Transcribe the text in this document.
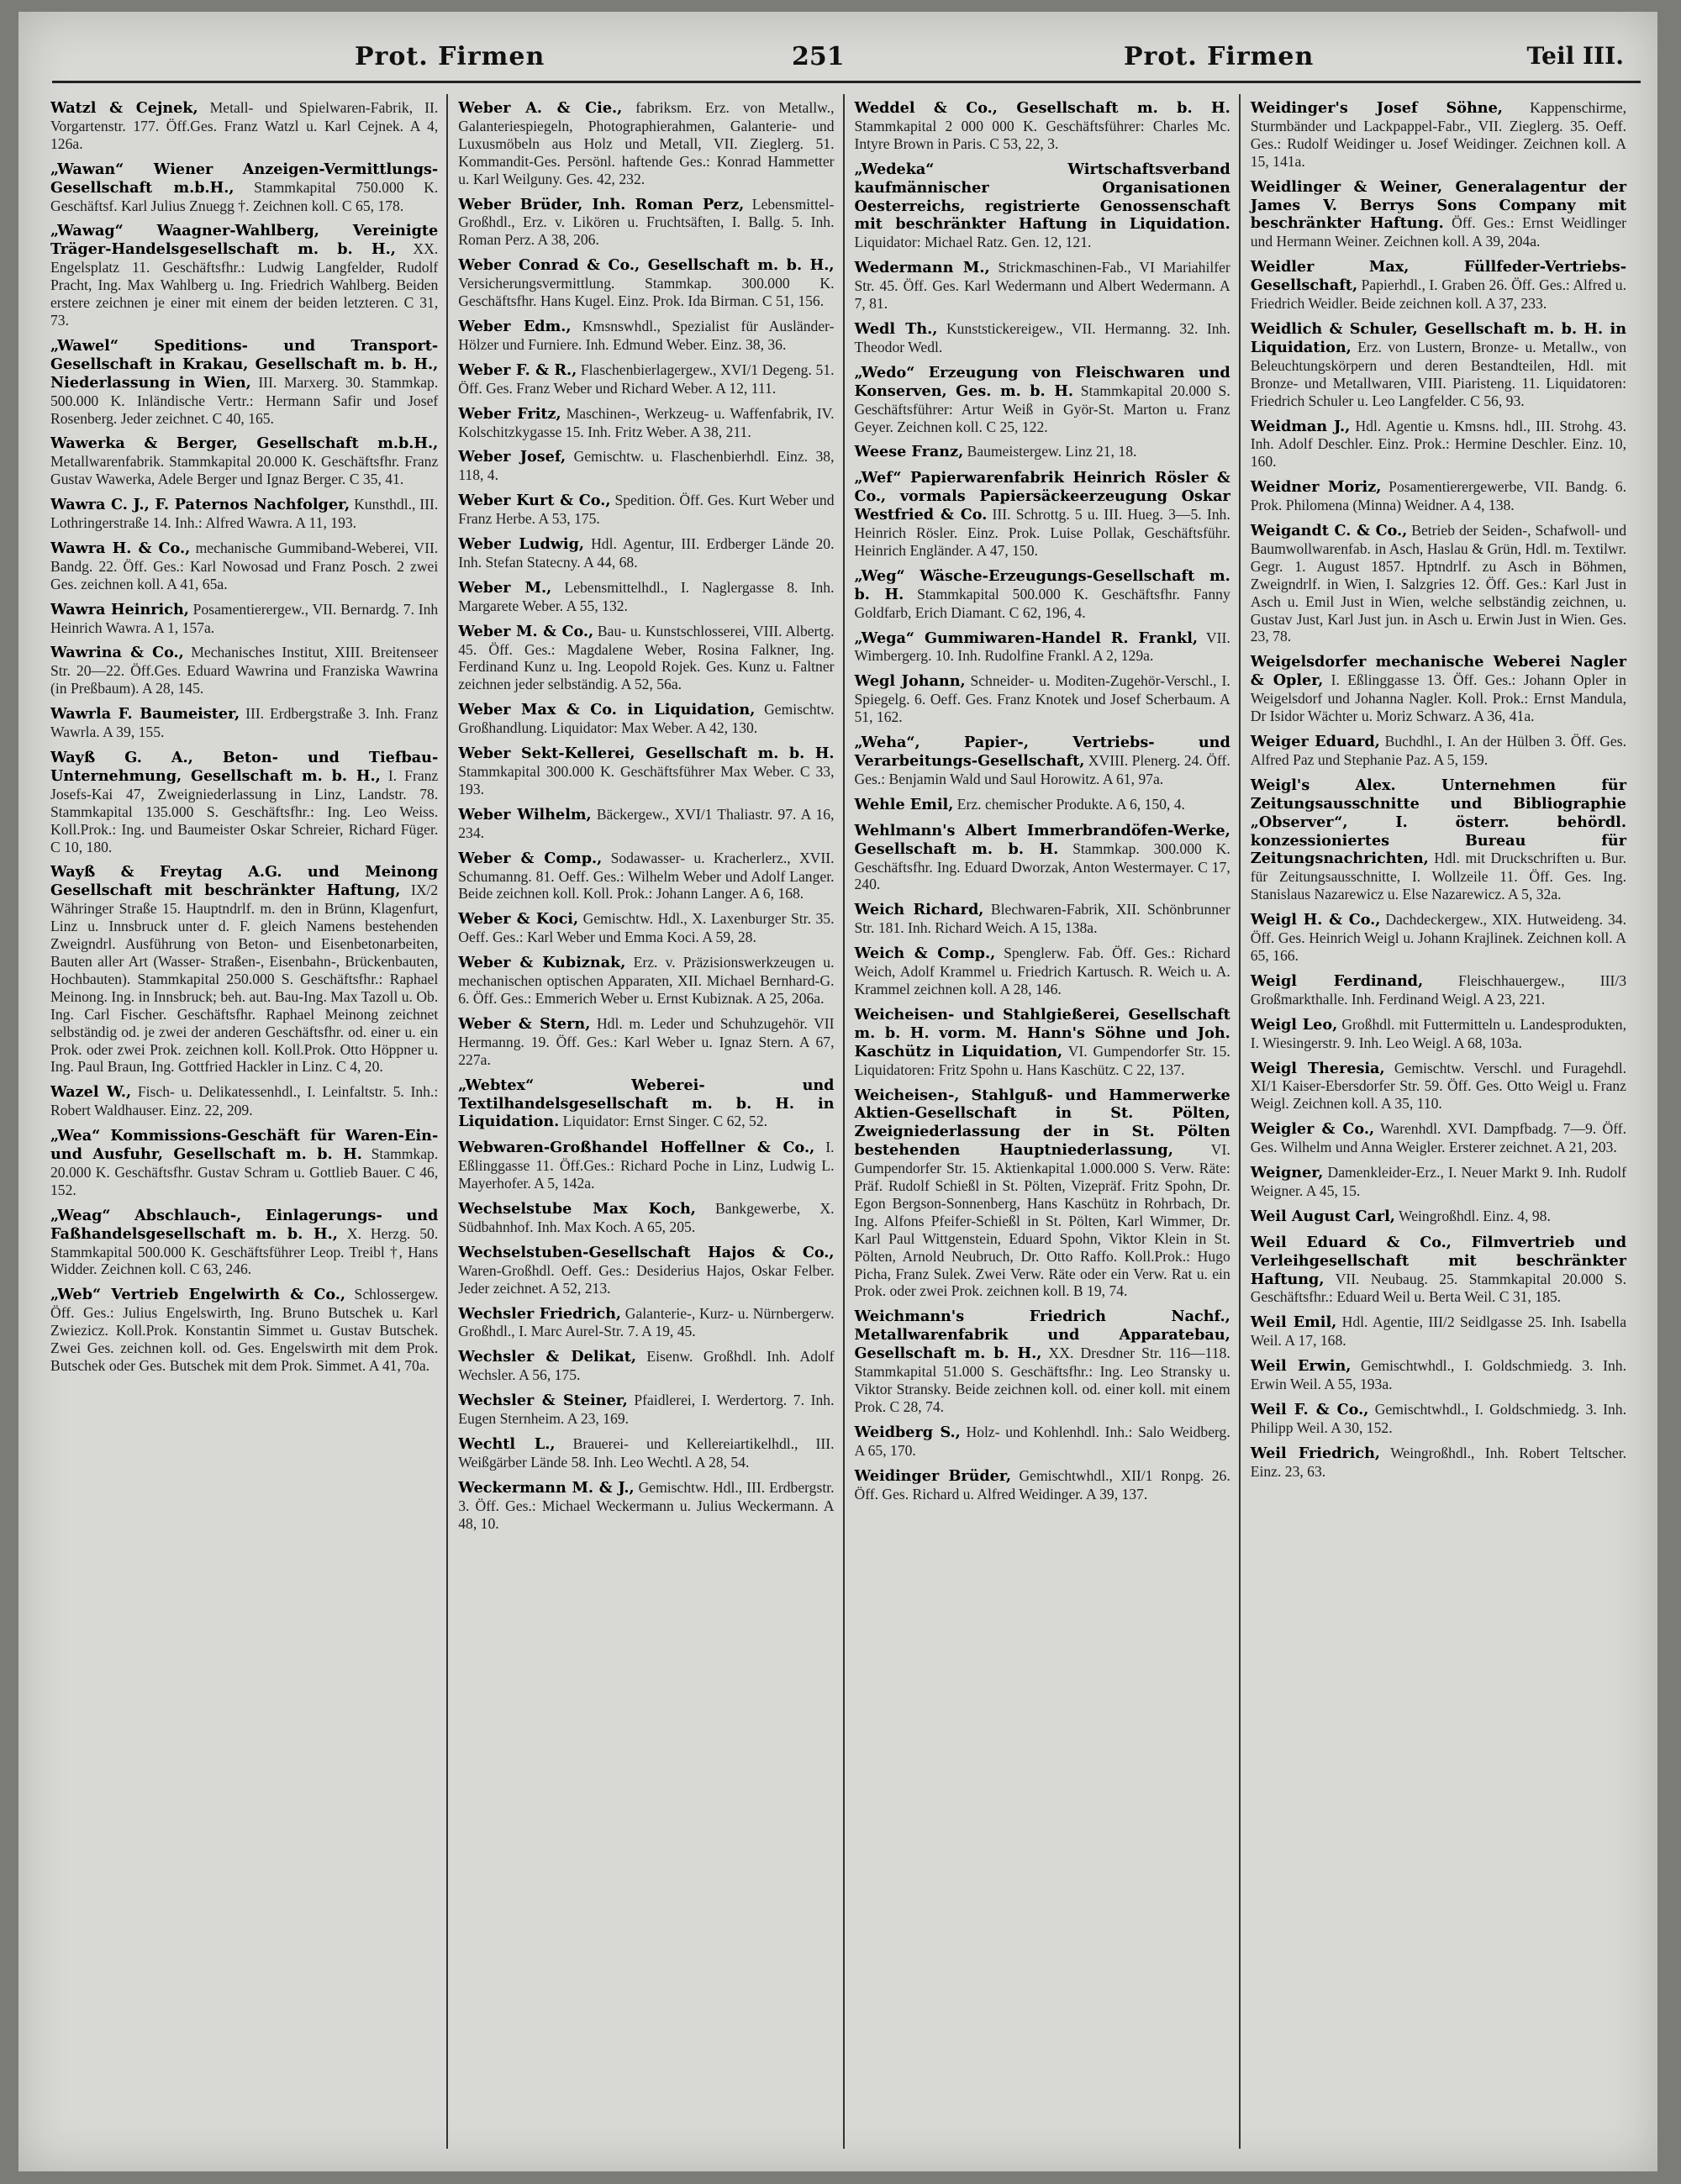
Prot. Firmen	251	Prot. Firmen	Teil III.

Watzl & Cejnek, Metall- und Spielwaren-Fabrik, II. Vorgartenstr. 177. Öff.Ges. Franz Watzl u. Karl Cejnek. A 4, 126a.

„Wawan“ Wiener Anzeigen-Vermittlungs-Gesellschaft m.b.H., Stammkapital 750.000 K. Geschäftsf. Karl Julius Znuegg †. Zeichnen koll. C 65, 178.

„Wawag“ Waagner-Wahlberg, Vereinigte Träger-Handelsgesellschaft m. b. H., XX. Engelsplatz 11. Geschäftsfhr.: Ludwig Langfelder, Rudolf Pracht, Ing. Max Wahlberg u. Ing. Friedrich Wahlberg. Beiden erstere zeichnen je einer mit einem der beiden letzteren. C 31, 73.

„Wawel“ Speditions- und Transport-Gesellschaft in Krakau, Gesellschaft m. b. H., Niederlassung in Wien, III. Marxerg. 30. Stammkap. 500.000 K. Inländische Vertr.: Hermann Safir und Josef Rosenberg. Jeder zeichnet. C 40, 165.

Wawerka & Berger, Gesellschaft m.b.H., Metallwarenfabrik. Stammkapital 20.000 K. Geschäftsfhr. Franz Gustav Wawerka, Adele Berger und Ignaz Berger. C 35, 41.

Wawra C. J., F. Paternos Nachfolger, Kunsthdl., III. Lothringerstraße 14. Inh.: Alfred Wawra. A 11, 193.

Wawra H. & Co., mechanische Gummiband-Weberei, VII. Bandg. 22. Öff. Ges.: Karl Nowosad und Franz Posch. 2 zwei Ges. zeichnen koll. A 41, 65a.

Wawra Heinrich, Posamentierergew., VII. Bernardg. 7. Inh Heinrich Wawra. A 1, 157a.

Wawrina & Co., Mechanisches Institut, XIII. Breitenseer Str. 20—22. Öff.Ges. Eduard Wawrina und Franziska Wawrina (in Preßbaum). A 28, 145.

Wawrla F. Baumeister, III. Erdbergstraße 3. Inh. Franz Wawrla. A 39, 155.

Wayß G. A., Beton- und Tiefbau-Unternehmung, Gesellschaft m. b. H., I. Franz Josefs-Kai 47, Zweigniederlassung in Linz, Landstr. 78. Stammkapital 135.000 S. Geschäftsfhr.: Ing. Leo Weiss. Koll.Prok.: Ing. und Baumeister Oskar Schreier, Richard Füger. C 10, 180.

Wayß & Freytag A.G. und Meinong Gesellschaft mit beschränkter Haftung, IX/2 Währinger Straße 15. Hauptndrlf. m. den in Brünn, Klagenfurt, Linz u. Innsbruck unter d. F. gleich Namens bestehenden Zweigndrl. Ausführung von Beton- und Eisenbetonarbeiten, Bauten aller Art (Wasser- Straßen-, Eisenbahn-, Brückenbauten, Hochbauten). Stammkapital 250.000 S. Geschäftsfhr.: Raphael Meinong. Ing. in Innsbruck; beh. aut. Bau-Ing. Max Tazoll u. Ob. Ing. Carl Fischer. Geschäftsfhr. Raphael Meinong zeichnet selbständig od. je zwei der anderen Geschäftsfhr. od. einer u. ein Prok. oder zwei Prok. zeichnen koll. Koll.Prok. Otto Höppner u. Ing. Paul Braun, Ing. Gottfried Hackler in Linz. C 4, 20.

Wazel W., Fisch- u. Delikatessenhdl., I. Leinfaltstr. 5. Inh.: Robert Waldhauser. Einz. 22, 209.

„Wea“ Kommissions-Geschäft für Waren-Ein- und Ausfuhr, Gesellschaft m. b. H. Stammkap. 20.000 K. Geschäftsfhr. Gustav Schram u. Gottlieb Bauer. C 46, 152.

„Weag“ Abschlauch-, Einlagerungs- und Faßhandelsgesellschaft m. b. H., X. Herzg. 50. Stammkapital 500.000 K. Geschäftsführer Leop. Treibl †, Hans Widder. Zeichnen koll. C 63, 246.

„Web“ Vertrieb Engelwirth & Co., Schlossergew. Öff. Ges.: Julius Engelswirth, Ing. Bruno Butschek u. Karl Zwiezicz. Koll.Prok. Konstantin Simmet u. Gustav Butschek. Zwei Ges. zeichnen koll. od. Ges. Engelswirth mit dem Prok. Butschek oder Ges. Butschek mit dem Prok. Simmet. A 41, 70a.

Weber A. & Cie., fabriksm. Erz. von Metallw., Galanteriespiegeln, Photographierahmen, Galanterie- und Luxusmöbeln aus Holz und Metall, VII. Zieglerg. 51. Kommandit-Ges. Persönl. haftende Ges.: Konrad Hammetter u. Karl Weilguny. Ges. 42, 232.

Weber Brüder, Inh. Roman Perz, Lebensmittel-Großhdl., Erz. v. Likören u. Fruchtsäften, I. Ballg. 5. Inh. Roman Perz. A 38, 206.

Weber Conrad & Co., Gesellschaft m. b. H., Versicherungsvermittlung. Stammkap. 300.000 K. Geschäftsfhr. Hans Kugel. Einz. Prok. Ida Birman. C 51, 156.

Weber Edm., Kmsnswhdl., Spezialist für Ausländer-Hölzer und Furniere. Inh. Edmund Weber. Einz. 38, 36.

Weber F. & R., Flaschenbierlagergew., XVI/1 Degeng. 51. Öff. Ges. Franz Weber und Richard Weber. A 12, 111.

Weber Fritz, Maschinen-, Werkzeug- u. Waffenfabrik, IV. Kolschitzkygasse 15. Inh. Fritz Weber. A 38, 211.

Weber Josef, Gemischtw. u. Flaschenbierhdl. Einz. 38, 118, 4.

Weber Kurt & Co., Spedition. Öff. Ges. Kurt Weber und Franz Herbe. A 53, 175.

Weber Ludwig, Hdl. Agentur, III. Erdberger Lände 20. Inh. Stefan Statecny. A 44, 68.

Weber M., Lebensmittelhdl., I. Naglergasse 8. Inh. Margarete Weber. A 55, 132.

Weber M. & Co., Bau- u. Kunstschlosserei, VIII. Albertg. 45. Öff. Ges.: Magdalene Weber, Rosina Falkner, Ing. Ferdinand Kunz u. Ing. Leopold Rojek. Ges. Kunz u. Faltner zeichnen jeder selbständig. A 52, 56a.

Weber Max & Co. in Liquidation, Gemischtw. Großhandlung. Liquidator: Max Weber. A 42, 130.

Weber Sekt-Kellerei, Gesellschaft m. b. H. Stammkapital 300.000 K. Geschäftsführer Max Weber. C 33, 193.

Weber Wilhelm, Bäckergew., XVI/1 Thaliastr. 97. A 16, 234.

Weber & Comp., Sodawasser- u. Kracherlerz., XVII. Schumanng. 81. Oeff. Ges.: Wilhelm Weber und Adolf Langer. Beide zeichnen koll. Koll. Prok.: Johann Langer. A 6, 168.

Weber & Koci, Gemischtw. Hdl., X. Laxenburger Str. 35. Oeff. Ges.: Karl Weber und Emma Koci. A 59, 28.

Weber & Kubiznak, Erz. v. Präzisionswerkzeugen u. mechanischen optischen Apparaten, XII. Michael Bernhard-G. 6. Öff. Ges.: Emmerich Weber u. Ernst Kubiznak. A 25, 206a.

Weber & Stern, Hdl. m. Leder und Schuhzugehör. VII Hermanng. 19. Öff. Ges.: Karl Weber u. Ignaz Stern. A 67, 227a.

„Webtex“ Weberei- und Textilhandelsgesellschaft m. b. H. in Liquidation. Liquidator: Ernst Singer. C 62, 52.

Webwaren-Großhandel Hoffellner & Co., I. Eßlinggasse 11. Öff.Ges.: Richard Poche in Linz, Ludwig L. Mayerhofer. A 5, 142a.

Wechselstube Max Koch, Bankgewerbe, X. Südbahnhof. Inh. Max Koch. A 65, 205.

Wechselstuben-Gesellschaft Hajos & Co., Waren-Großhdl. Oeff. Ges.: Desiderius Hajos, Oskar Felber. Jeder zeichnet. A 52, 213.

Wechsler Friedrich, Galanterie-, Kurz- u. Nürnbergerw. Großhdl., I. Marc Aurel-Str. 7. A 19, 45.

Wechsler & Delikat, Eisenw. Großhdl. Inh. Adolf Wechsler. A 56, 175.

Wechsler & Steiner, Pfaidlerei, I. Werdertorg. 7. Inh. Eugen Sternheim. A 23, 169.

Wechtl L., Brauerei- und Kellereiartikelhdl., III. Weißgärber Lände 58. Inh. Leo Wechtl. A 28, 54.

Weckermann M. & J., Gemischtw. Hdl., III. Erdbergstr. 3. Öff. Ges.: Michael Weckermann u. Julius Weckermann. A 48, 10.

Weddel & Co., Gesellschaft m. b. H. Stammkapital 2 000 000 K. Geschäftsführer: Charles Mc. Intyre Brown in Paris. C 53, 22, 3.

„Wedeka“ Wirtschaftsverband kaufmännischer Organisationen Oesterreichs, registrierte Genossenschaft mit beschränkter Haftung in Liquidation. Liquidator: Michael Ratz. Gen. 12, 121.

Wedermann M., Strickmaschinen-Fab., VI Mariahilfer Str. 45. Öff. Ges. Karl Wedermann und Albert Wedermann. A 7, 81.

Wedl Th., Kunststickereigew., VII. Hermanng. 32. Inh. Theodor Wedl.

„Wedo“ Erzeugung von Fleischwaren und Konserven, Ges. m. b. H. Stammkapital 20.000 S. Geschäftsführer: Artur Weiß in Györ-St. Marton u. Franz Geyer. Zeichnen koll. C 25, 122.

Weese Franz, Baumeistergew. Linz 21, 18.

„Wef“ Papierwarenfabrik Heinrich Rösler & Co., vormals Papiersäckeerzeugung Oskar Westfried & Co. III. Schrottg. 5 u. III. Hueg. 3—5. Inh. Heinrich Rösler. Einz. Prok. Luise Pollak, Geschäftsführ. Heinrich Engländer. A 47, 150.

„Weg“ Wäsche-Erzeugungs-Gesellschaft m. b. H. Stammkapital 500.000 K. Geschäftsfhr. Fanny Goldfarb, Erich Diamant. C 62, 196, 4.

„Wega“ Gummiwaren-Handel R. Frankl, VII. Wimbergerg. 10. Inh. Rudolfine Frankl. A 2, 129a.

Wegl Johann, Schneider- u. Moditen-Zugehör-Verschl., I. Spiegelg. 6. Oeff. Ges. Franz Knotek und Josef Scherbaum. A 51, 162.

„Weha“, Papier-, Vertriebs- und Verarbeitungs-Gesellschaft, XVIII. Plenerg. 24. Öff. Ges.: Benjamin Wald und Saul Horowitz. A 61, 97a.

Wehle Emil, Erz. chemischer Produkte. A 6, 150, 4.

Wehlmann's Albert Immerbrandöfen-Werke, Gesellschaft m. b. H. Stammkap. 300.000 K. Geschäftsfhr. Ing. Eduard Dworzak, Anton Westermayer. C 17, 240.

Weich Richard, Blechwaren-Fabrik, XII. Schönbrunner Str. 181. Inh. Richard Weich. A 15, 138a.

Weich & Comp., Spenglerw. Fab. Öff. Ges.: Richard Weich, Adolf Krammel u. Friedrich Kartusch. R. Weich u. A. Krammel zeichnen koll. A 28, 146.

Weicheisen- und Stahlgießerei, Gesellschaft m. b. H. vorm. M. Hann's Söhne und Joh. Kaschütz in Liquidation, VI. Gumpendorfer Str. 15. Liquidatoren: Fritz Spohn u. Hans Kaschütz. C 22, 137.

Weicheisen-, Stahlguß- und Hammerwerke Aktien-Gesellschaft in St. Pölten, Zweigniederlassung der in St. Pölten bestehenden Hauptniederlassung, VI. Gumpendorfer Str. 15. Aktienkapital 1.000.000 S. Verw. Räte: Präf. Rudolf Schießl in St. Pölten, Vizepräf. Fritz Spohn, Dr. Egon Bergson-Sonnenberg, Hans Kaschütz in Rohrbach, Dr. Ing. Alfons Pfeifer-Schießl in St. Pölten, Karl Wimmer, Dr. Karl Paul Wittgenstein, Eduard Spohn, Viktor Klein in St. Pölten, Arnold Neubruch, Dr. Otto Raffo. Koll.Prok.: Hugo Picha, Franz Sulek. Zwei Verw. Räte oder ein Verw. Rat u. ein Prok. oder zwei Prok. zeichnen koll. B 19, 74.

Weichmann's Friedrich Nachf., Metallwarenfabrik und Apparatebau, Gesellschaft m. b. H., XX. Dresdner Str. 116—118. Stammkapital 51.000 S. Geschäftsfhr.: Ing. Leo Stransky u. Viktor Stransky. Beide zeichnen koll. od. einer koll. mit einem Prok. C 28, 74.

Weidberg S., Holz- und Kohlenhdl. Inh.: Salo Weidberg. A 65, 170.

Weidinger Brüder, Gemischtwhdl., XII/1 Ronpg. 26. Öff. Ges. Richard u. Alfred Weidinger. A 39, 137.

Weidinger's Josef Söhne, Kappenschirme, Sturmbänder und Lackpappel-Fabr., VII. Zieglerg. 35. Oeff. Ges.: Rudolf Weidinger u. Josef Weidinger. Zeichnen koll. A 15, 141a.

Weidlinger & Weiner, Generalagentur der James V. Berrys Sons Company mit beschränkter Haftung. Öff. Ges.: Ernst Weidlinger und Hermann Weiner. Zeichnen koll. A 39, 204a.

Weidler Max, Füllfeder-Vertriebs-Gesellschaft, Papierhdl., I. Graben 26. Öff. Ges.: Alfred u. Friedrich Weidler. Beide zeichnen koll. A 37, 233.

Weidlich & Schuler, Gesellschaft m. b. H. in Liquidation, Erz. von Lustern, Bronze- u. Metallw., von Beleuchtungskörpern und deren Bestandteilen, Hdl. mit Bronze- und Metallwaren, VIII. Piaristeng. 11. Liquidatoren: Friedrich Schuler u. Leo Langfelder. C 56, 93.

Weidman J., Hdl. Agentie u. Kmsns. hdl., III. Strohg. 43. Inh. Adolf Deschler. Einz. Prok.: Hermine Deschler. Einz. 10, 160.

Weidner Moriz, Posamentierergewerbe, VII. Bandg. 6. Prok. Philomena (Minna) Weidner. A 4, 138.

Weigandt C. & Co., Betrieb der Seiden-, Schafwoll- und Baumwollwarenfab. in Asch, Haslau & Grün, Hdl. m. Textilwr. Gegr. 1. August 1857. Hptndrlf. zu Asch in Böhmen, Zweigndrlf. in Wien, I. Salzgries 12. Öff. Ges.: Karl Just in Asch u. Emil Just in Wien, welche selbständig zeichnen, u. Gustav Just, Karl Just jun. in Asch u. Erwin Just in Wien. Ges. 23, 78.

Weigelsdorfer mechanische Weberei Nagler & Opler, I. Eßlinggasse 13. Öff. Ges.: Johann Opler in Weigelsdorf und Johanna Nagler. Koll. Prok.: Ernst Mandula, Dr Isidor Wächter u. Moriz Schwarz. A 36, 41a.

Weiger Eduard, Buchdhl., I. An der Hülben 3. Öff. Ges. Alfred Paz und Stephanie Paz. A 5, 159.

Weigl's Alex. Unternehmen für Zeitungsausschnitte und Bibliographie „Observer“, I. österr. behördl. konzessioniertes Bureau für Zeitungsnachrichten, Hdl. mit Druckschriften u. Bur. für Zeitungsausschnitte, I. Wollzeile 11. Öff. Ges. Ing. Stanislaus Nazarewicz u. Else Nazarewicz. A 5, 32a.

Weigl H. & Co., Dachdeckergew., XIX. Hutweideng. 34. Öff. Ges. Heinrich Weigl u. Johann Krajlinek. Zeichnen koll. A 65, 166.

Weigl Ferdinand, Fleischhauergew., III/3 Großmarkthalle. Inh. Ferdinand Weigl. A 23, 221.

Weigl Leo, Großhdl. mit Futtermitteln u. Landesprodukten, I. Wiesingerstr. 9. Inh. Leo Weigl. A 68, 103a.

Weigl Theresia, Gemischtw. Verschl. und Furagehdl. XI/1 Kaiser-Ebersdorfer Str. 59. Öff. Ges. Otto Weigl u. Franz Weigl. Zeichnen koll. A 35, 110.

Weigler & Co., Warenhdl. XVI. Dampfbadg. 7—9. Öff. Ges. Wilhelm und Anna Weigler. Ersterer zeichnet. A 21, 203.

Weigner, Damenkleider-Erz., I. Neuer Markt 9. Inh. Rudolf Weigner. A 45, 15.

Weil August Carl, Weingroßhdl. Einz. 4, 98.

Weil Eduard & Co., Filmvertrieb und Verleihgesellschaft mit beschränkter Haftung, VII. Neubaug. 25. Stammkapital 20.000 S. Geschäftsfhr.: Eduard Weil u. Berta Weil. C 31, 185.

Weil Emil, Hdl. Agentie, III/2 Seidlgasse 25. Inh. Isabella Weil. A 17, 168.

Weil Erwin, Gemischtwhdl., I. Goldschmiedg. 3. Inh. Erwin Weil. A 55, 193a.

Weil F. & Co., Gemischtwhdl., I. Goldschmiedg. 3. Inh. Philipp Weil. A 30, 152.

Weil Friedrich, Weingroßhdl., Inh. Robert Teltscher. Einz. 23, 63.
